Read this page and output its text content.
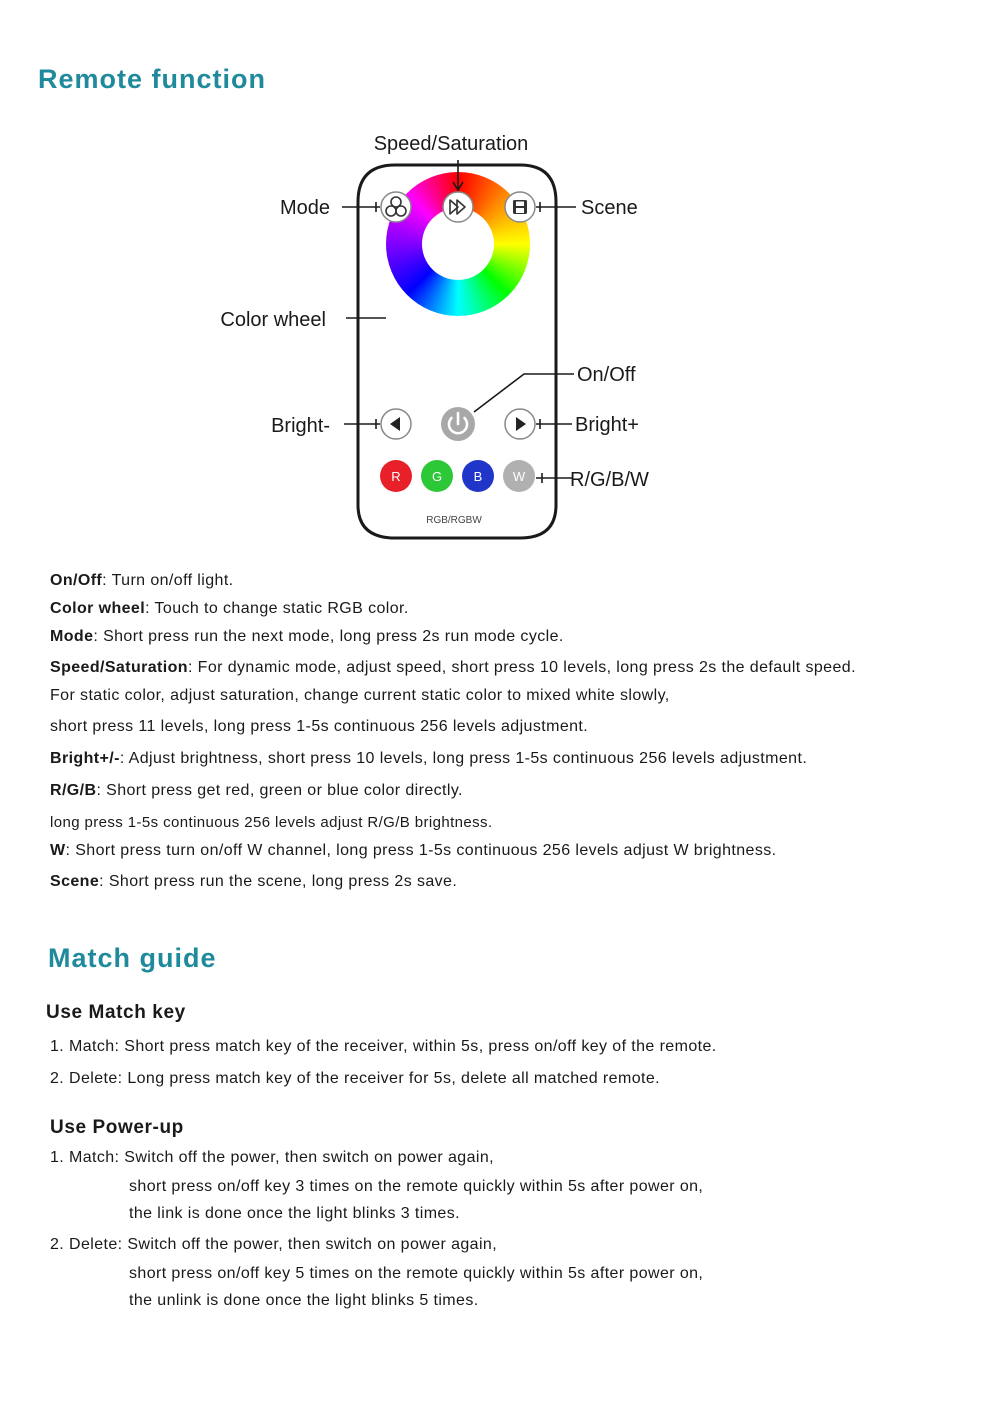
Remote function
R G B W
RGB/RGBW
Speed/Saturation
Mode	Scene
Color wheel
On/Off
Bright-	Bright+
R/G/B/W

On/Off: Turn on/off light.

Color wheel: Touch to change static RGB color.

Mode: Short press run the next mode, long press 2s run mode cycle.

Speed/Saturation: For dynamic mode, adjust speed, short press 10 levels, long press 2s the default speed.

For static color, adjust saturation, change current static color to mixed white slowly,

short press 11 levels, long press 1-5s continuous 256 levels adjustment.

Bright+/-: Adjust brightness, short press 10 levels, long press 1-5s continuous 256 levels adjustment.

R/G/B: Short press get red, green or blue color directly.

long press 1-5s continuous 256 levels adjust R/G/B brightness.

W: Short press turn on/off W channel, long press 1-5s continuous 256 levels adjust W brightness.

Scene: Short press run the scene, long press 2s save.

Match guide
Use Match key

1. Match: Short press match key of the receiver, within 5s, press on/off key of the remote.

2. Delete: Long press match key of the receiver for 5s, delete all matched remote.

Use Power-up

1. Match: Switch off the power, then switch on power again,

short press on/off key 3 times on the remote quickly within 5s after power on,

the link is done once the light blinks 3 times.

2. Delete: Switch off the power, then switch on power again,

short press on/off key 5 times on the remote quickly within 5s after power on,

the unlink is done once the light blinks 5 times.
